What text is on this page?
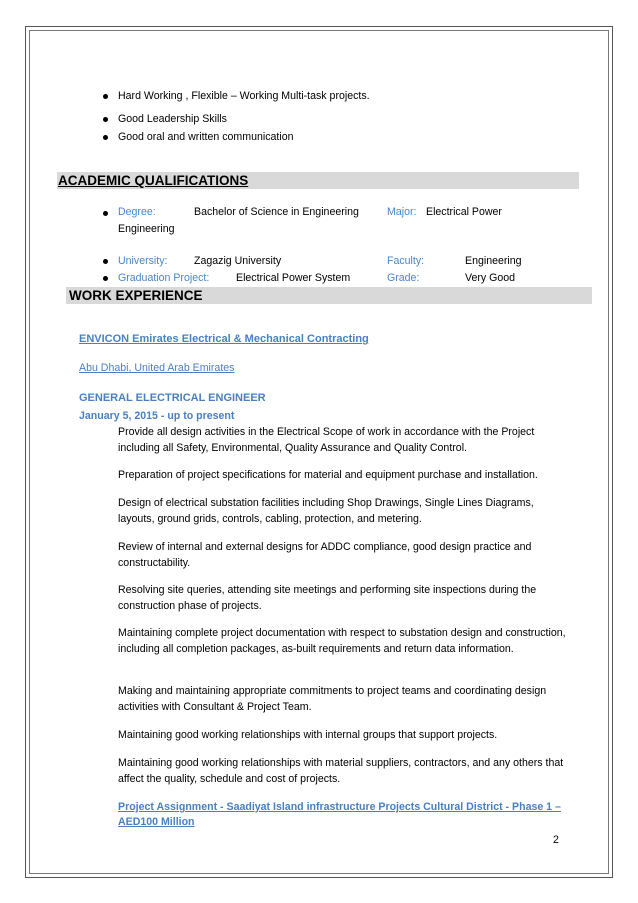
Hard Working , Flexible – Working Multi-task projects.
Good Leadership Skills
Good oral and written communication
ACADEMIC QUALIFICATIONS
Degree:	Bachelor of Science in Engineering	Major: Electrical Power
Engineering
University:	Zagazig University	Faculty:	Engineering
Graduation Project:	Electrical Power System	Grade:	Very Good
WORK EXPERIENCE
ENVICON Emirates Electrical & Mechanical Contracting
Abu Dhabi, United Arab Emirates
GENERAL ELECTRICAL ENGINEER
January 5, 2015 - up to present
Provide all design activities in the Electrical Scope of work in accordance with the Project including all Safety, Environmental, Quality Assurance and Quality Control.
Preparation of project specifications for material and equipment purchase and installation.
Design of electrical substation facilities including Shop Drawings, Single Lines Diagrams, layouts, ground grids, controls, cabling, protection, and metering.
Review of internal and external designs for ADDC compliance, good design practice and constructability.
Resolving site queries, attending site meetings and performing site inspections during the construction phase of projects.
Maintaining complete project documentation with respect to substation design and construction, including all completion packages, as-built requirements and return data information.
Making and maintaining appropriate commitments to project teams and coordinating design activities with Consultant & Project Team.
Maintaining good working relationships with internal groups that support projects.
Maintaining good working relationships with material suppliers, contractors, and any others that affect the quality, schedule and cost of projects.
Project Assignment - Saadiyat Island infrastructure Projects Cultural District - Phase 1 –
AED100 Million
2
